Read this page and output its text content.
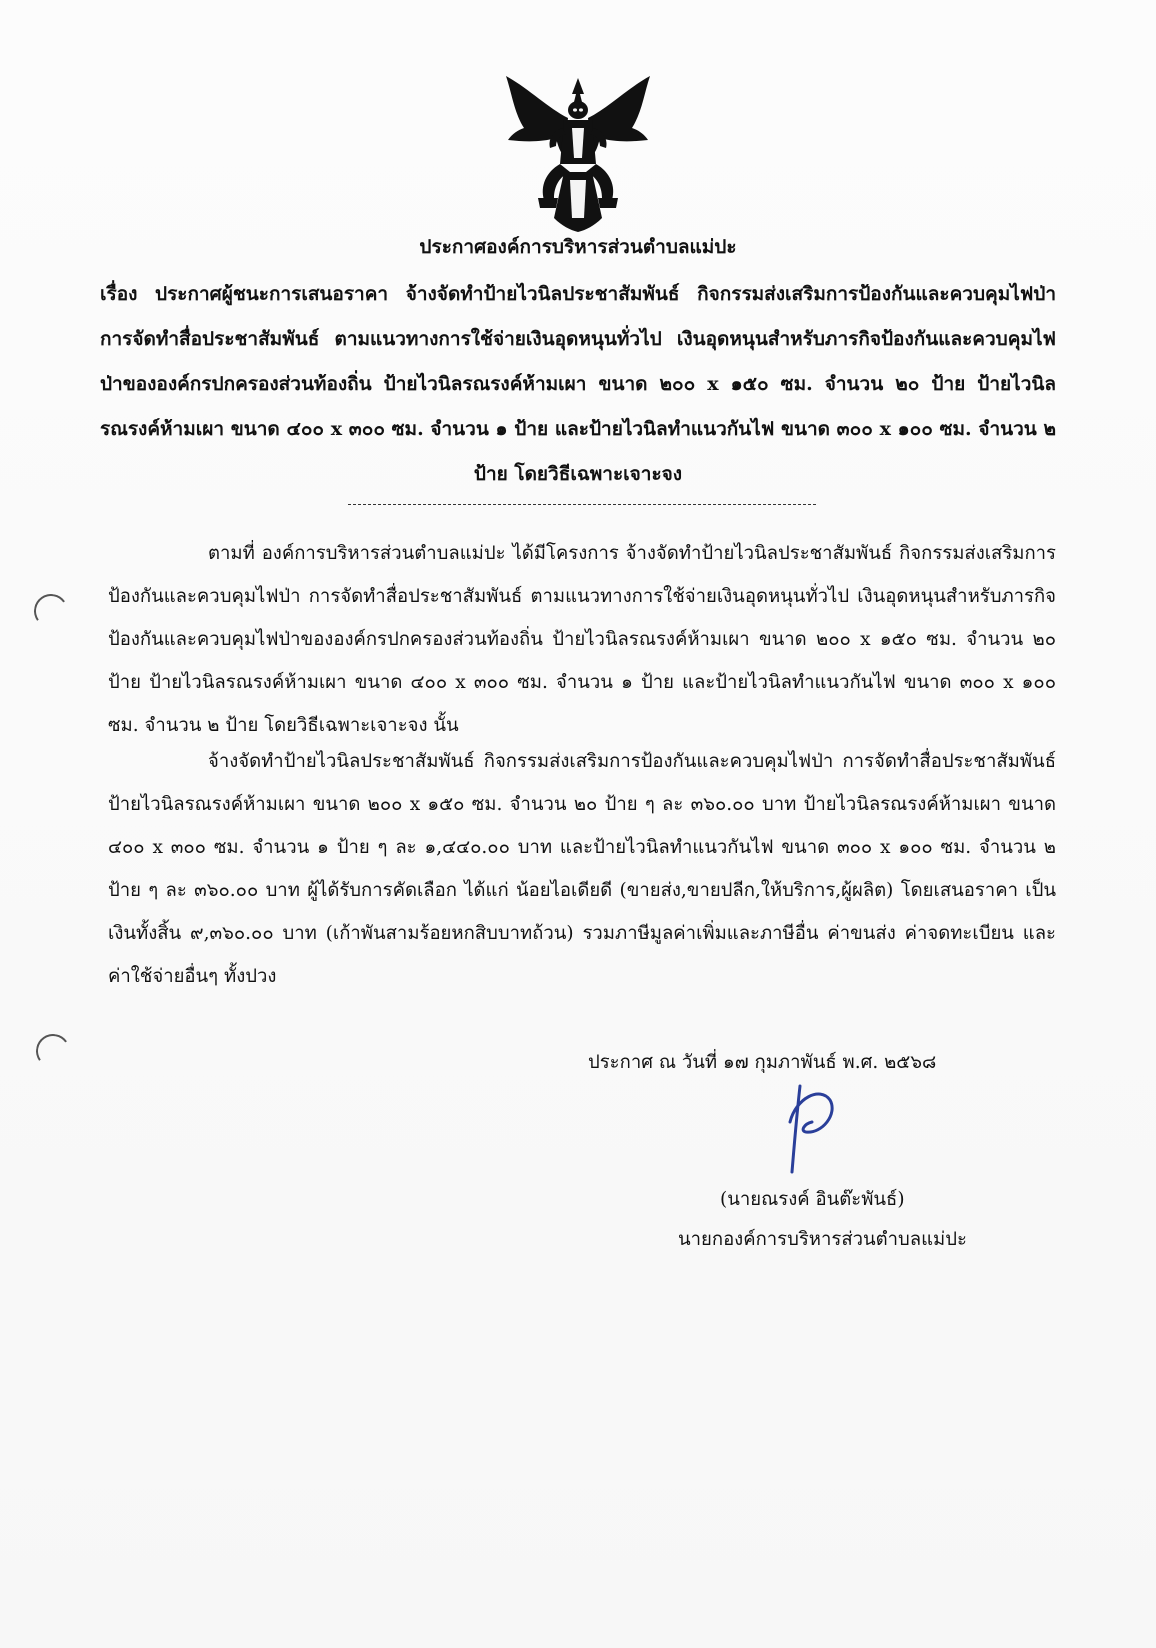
ประกาศองค์การบริหารส่วนตำบลแม่ปะ
เรื่อง ประกาศผู้ชนะการเสนอราคา จ้างจัดทำป้ายไวนิลประชาสัมพันธ์ กิจกรรมส่งเสริมการป้องกันและควบคุมไฟป่า การจัดทำสื่อประชาสัมพันธ์ ตามแนวทางการใช้จ่ายเงินอุดหนุนทั่วไป เงินอุดหนุนสำหรับภารกิจป้องกันและควบคุมไฟป่าขององค์กรปกครองส่วนท้องถิ่น ป้ายไวนิลรณรงค์ห้ามเผา ขนาด ๒๐๐ x ๑๕๐ ซม. จำนวน ๒๐ ป้าย ป้ายไวนิลรณรงค์ห้ามเผา ขนาด ๔๐๐ x ๓๐๐ ซม. จำนวน ๑ ป้าย และป้ายไวนิลทำแนวกันไฟ ขนาด ๓๐๐ x ๑๐๐ ซม. จำนวน ๒ ป้าย โดยวิธีเฉพาะเจาะจง
ตามที่ องค์การบริหารส่วนตำบลแม่ปะ ได้มีโครงการ จ้างจัดทำป้ายไวนิลประชาสัมพันธ์ กิจกรรมส่งเสริมการป้องกันและควบคุมไฟป่า การจัดทำสื่อประชาสัมพันธ์ ตามแนวทางการใช้จ่ายเงินอุดหนุนทั่วไป เงินอุดหนุนสำหรับภารกิจป้องกันและควบคุมไฟป่าขององค์กรปกครองส่วนท้องถิ่น ป้ายไวนิลรณรงค์ห้ามเผา ขนาด ๒๐๐ x ๑๕๐ ซม. จำนวน ๒๐ ป้าย ป้ายไวนิลรณรงค์ห้ามเผา ขนาด ๔๐๐ x ๓๐๐ ซม. จำนวน ๑ ป้าย และป้ายไวนิลทำแนวกันไฟ ขนาด ๓๐๐ x ๑๐๐ ซม. จำนวน ๒ ป้าย โดยวิธีเฉพาะเจาะจง นั้น
จ้างจัดทำป้ายไวนิลประชาสัมพันธ์ กิจกรรมส่งเสริมการป้องกันและควบคุมไฟป่า การจัดทำสื่อประชาสัมพันธ์ ป้ายไวนิลรณรงค์ห้ามเผา ขนาด ๒๐๐ x ๑๕๐ ซม. จำนวน ๒๐ ป้าย ๆ ละ ๓๖๐.๐๐ บาท ป้ายไวนิลรณรงค์ห้ามเผา ขนาด ๔๐๐ x ๓๐๐ ซม. จำนวน ๑ ป้าย ๆ ละ ๑,๔๔๐.๐๐ บาท และป้ายไวนิลทำแนวกันไฟ ขนาด ๓๐๐ x ๑๐๐ ซม. จำนวน ๒ ป้าย ๆ ละ ๓๖๐.๐๐ บาท ผู้ได้รับการคัดเลือก ได้แก่ น้อยไอเดียดี (ขายส่ง,ขายปลีก,ให้บริการ,ผู้ผลิต) โดยเสนอราคา เป็นเงินทั้งสิ้น ๙,๓๖๐.๐๐ บาท (เก้าพันสามร้อยหกสิบบาทถ้วน) รวมภาษีมูลค่าเพิ่มและภาษีอื่น ค่าขนส่ง ค่าจดทะเบียน และค่าใช้จ่ายอื่นๆ ทั้งปวง
ประกาศ ณ วันที่ ๑๗ กุมภาพันธ์ พ.ศ. ๒๕๖๘
(นายณรงค์ อินต๊ะพันธ์)
นายกองค์การบริหารส่วนตำบลแม่ปะ
